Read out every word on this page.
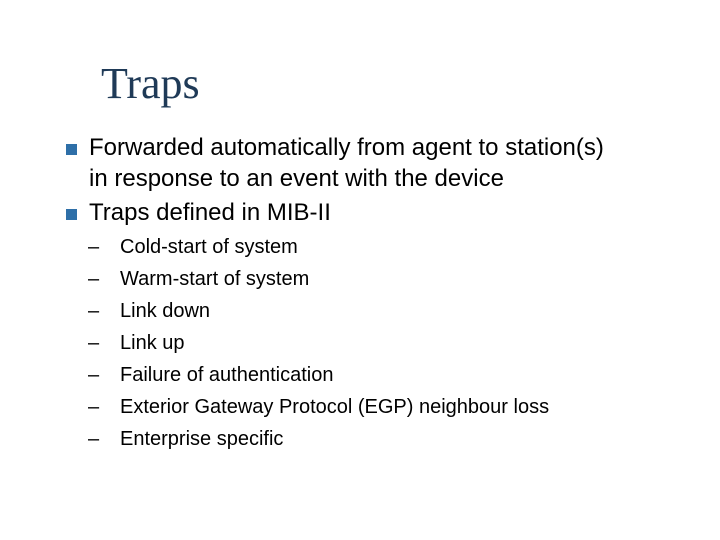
Traps
Forwarded automatically from agent to station(s)
in response to an event with the device
Traps defined in MIB-II
– Cold-start of system
– Warm-start of system
– Link down
– Link up
– Failure of authentication
– Exterior Gateway Protocol (EGP) neighbour loss
– Enterprise specific
